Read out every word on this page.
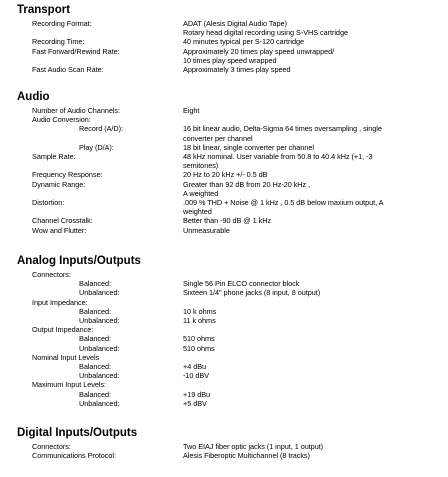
Transport
Recording Format:	ADAT (Alesis Digital Audio Tape)
Rotary head digital recording using S-VHS cartridge
Recording Time:	40 minutes typical per S-120 cartridge
Fast Forward/Rewind Rate:	Approximately 20 times play speed unwrapped/
10 times play speed wrapped
Fast Audio Scan Rate:	Approximately 3 times play speed
Audio
Number of Audio Channels:	Eight
Audio Conversion:
Record (A/D):	16 bit linear audio, Delta-Sigma 64 times oversampling , single
converter per channel
Play (D/A):	18 bit linear, single converter per channel
Sample Rate:	48 kHz nominal. User variable from 50.8 to 40.4 kHz (+1, -3
semitones)
Frequency Response:	20 Hz to 20 kHz +/- 0.5 dB
Dynamic Range:	Greater than 92 dB from 20 Hz-20 kHz ,
A weighted
Distortion:	.009 % THD + Noise @ 1 kHz , 0.5 dB below maxium output, A
weighted
Channel Crosstalk:	Better than -90 dB @ 1 kHz
Wow and Flutter:	Unmeasurable
Analog Inputs/Outputs
Connectors:
Balanced:	Single 56 Pin ELCO connector block
Unbalanced:	Sixteen 1/4" phone jacks (8 input, 8 output)
Input Impedance:
Balanced:	10 k ohms
Unbalanced:	11 k ohms
Output Impedance:
Balanced:	510 ohms
Unbalanced:	510 ohms
Nominal Input Levels
Balanced:	+4 dBu
Unbalanced:	-10 dBV
Maximum Input Levels:
Balanced:	+19 dBu
Unbalanced:	+5 dBV
Digital Inputs/Outputs
Connectors:	Two EIAJ fiber optic jacks (1 input, 1 output)
Communications Protocol:	Alesis Fiberoptic Multichannel (8 tracks)
